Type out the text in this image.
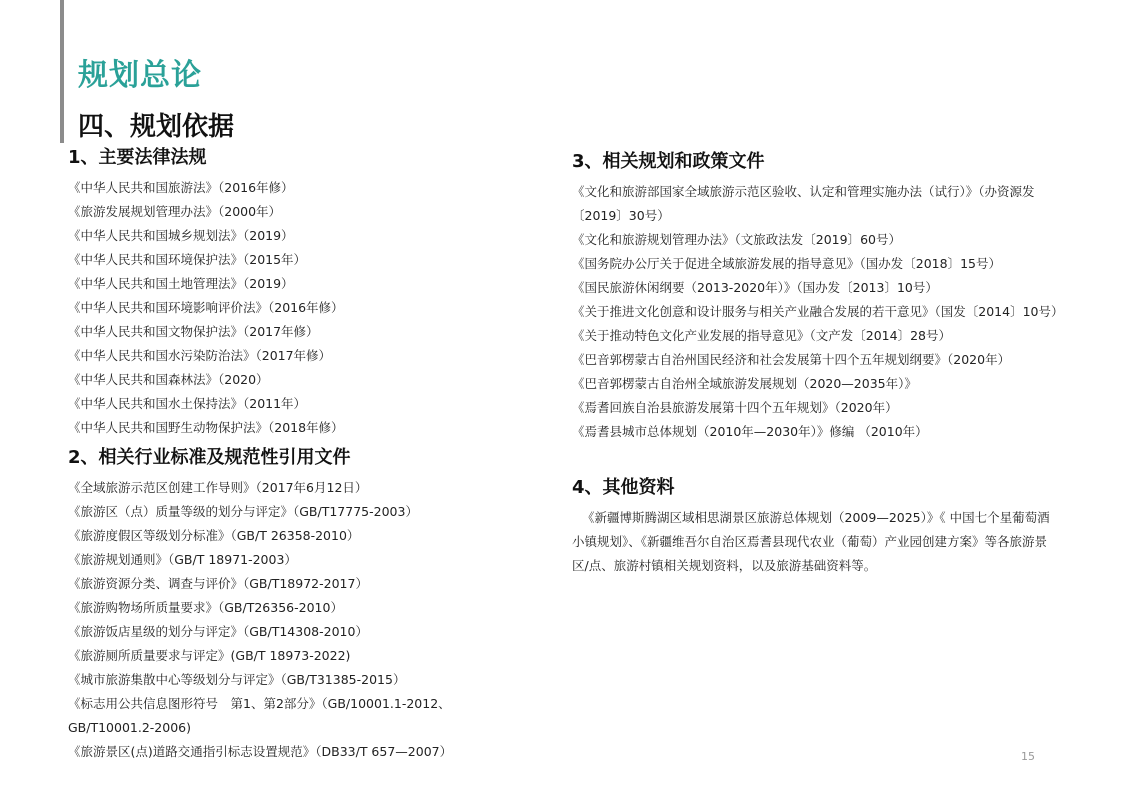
规划总论
四、规划依据
1、主要法律法规
《中华人民共和国旅游法》（2016年修）
《旅游发展规划管理办法》（2000年）
《中华人民共和国城乡规划法》（2019）
《中华人民共和国环境保护法》（2015年）
《中华人民共和国土地管理法》（2019）
《中华人民共和国环境影响评价法》（2016年修）
《中华人民共和国文物保护法》（2017年修）
《中华人民共和国水污染防治法》（2017年修）
《中华人民共和国森林法》（2020）
《中华人民共和国水土保持法》（2011年）
《中华人民共和国野生动物保护法》（2018年修）
2、相关行业标准及规范性引用文件
《全域旅游示范区创建工作导则》（2017年6月12日）
《旅游区（点）质量等级的划分与评定》（GB/T17775-2003）
《旅游度假区等级划分标准》（GB/T 26358-2010）
《旅游规划通则》（GB/T 18971-2003）
《旅游资源分类、调查与评价》（GB/T18972-2017）
《旅游购物场所质量要求》（GB/T26356-2010）
《旅游饭店星级的划分与评定》（GB/T14308-2010）
《旅游厕所质量要求与评定》(GB/T 18973-2022)
《城市旅游集散中心等级划分与评定》（GB/T31385-2015）
《标志用公共信息图形符号　第1、第2部分》（GB/10001.1-2012、GB/T10001.2-2006)
《旅游景区(点)道路交通指引标志设置规范》（DB33/T 657—2007）
3、相关规划和政策文件
《文化和旅游部国家全域旅游示范区验收、认定和管理实施办法（试行）》（办资源发〔2019〕30号）
《文化和旅游规划管理办法》（文旅政法发〔2019〕60号）
《国务院办公厅关于促进全域旅游发展的指导意见》（国办发〔2018〕15号）
《国民旅游休闲纲要（2013-2020年）》（国办发〔2013〕10号）
《关于推进文化创意和设计服务与相关产业融合发展的若干意见》（国发〔2014〕10号）
《关于推动特色文化产业发展的指导意见》（文产发〔2014〕28号）
《巴音郭楞蒙古自治州国民经济和社会发展第十四个五年规划纲要》（2020年）
《巴音郭楞蒙古自治州全域旅游发展规划（2020—2035年）》
《焉耆回族自治县旅游发展第十四个五年规划》（2020年）
《焉耆县城市总体规划（2010年—2030年）》修编 （2010年）
4、其他资料
《新疆博斯腾湖区域相思湖景区旅游总体规划（2009—2025）》《 中国七个星葡萄酒小镇规划》、《新疆维吾尔自治区焉耆县现代农业（葡萄）产业园创建方案》等各旅游景区/点、旅游村镇相关规划资料，以及旅游基础资料等。
15
